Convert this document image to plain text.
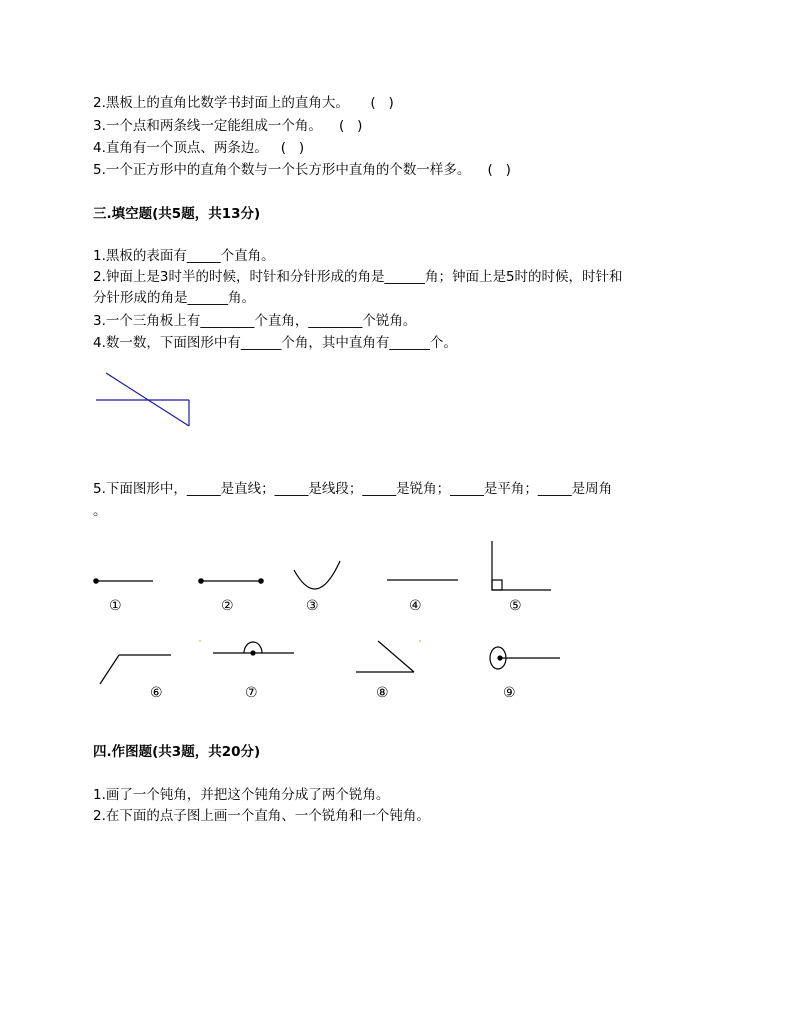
2.黑板上的直角比数学书封面上的直角大。     (   )
3.一个点和两条线一定能组成一个角。    (   )
4.直角有一个顶点、两条边。   (   )
5.一个正方形中的直角个数与一个长方形中直角的个数一样多。    (   )
三.填空题(共5题，共13分)
1.黑板的表面有_____个直角。
2.钟面上是3时半的时候，时针和分针形成的角是______角；钟面上是5时的时候，时针和
分针形成的角是______角。
3.一个三角板上有________个直角，________个锐角。
4.数一数，下面图形中有______个角，其中直角有______个。
5.下面图形中，_____是直线；_____是线段；_____是锐角；_____是平角；_____是周角
。
①	②	③	④	⑤
⑥	⑦	⑧	⑨
四.作图题(共3题，共20分)
1.画了一个钝角，并把这个钝角分成了两个锐角。
2.在下面的点子图上画一个直角、一个锐角和一个钝角。
